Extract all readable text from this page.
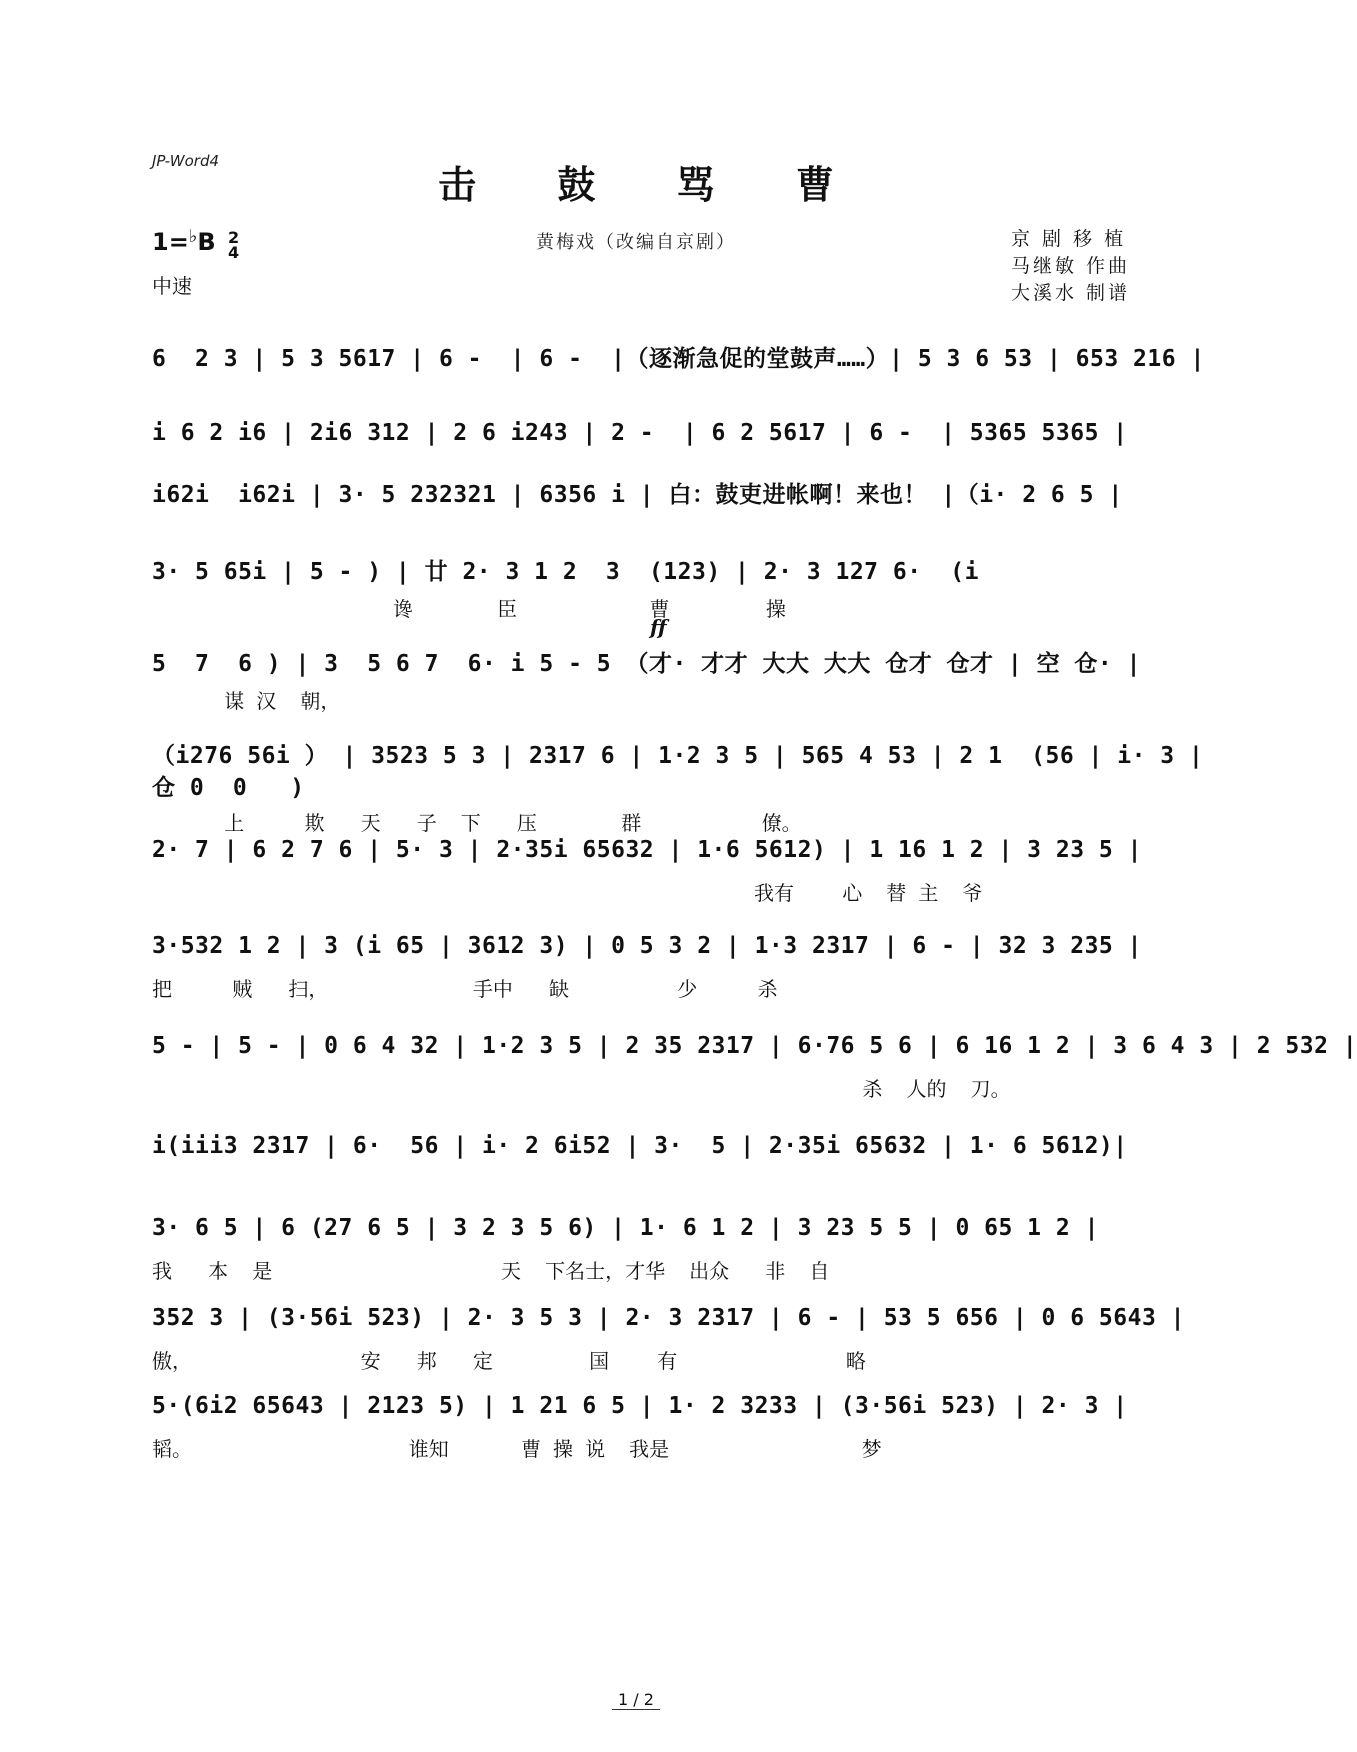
JP-Word4
击 鼓 骂 曹
1=♭B 2
4
中速
黄梅戏（改编自京剧）	京 剧 移 植
马继敏 作曲
大溪水 制谱
6  2 3 | 5 3 5617 | 6 -  | 6 -  |（逐渐急促的堂鼓声……）| 5 3 6 53 | 653 216 |
i 6 2 i6 | 2i6 312 | 2 6 i243 | 2 -  | 6 2 5617 | 6 -  | 5365 5365 |
i62i  i62i | 3· 5 232321 | 6356 i | 白：鼓吏进帐啊！来也！ |（i· 2 6 5 |
3· 5 65i | 5 - ) | 廿 2· 3 1 2  3  (123) | 2· 3 127 6·  (i
谗       臣           曹        操
5  7  6 ) | 3  5 6 7  6· i 5 - 5 （才· 才才 大大 大大 仓才 仓才 | 空 仓· |
ff
谋 汉  朝，
（i276 56i ） | 3523 5 3 | 2317 6 | 1·2 3 5 | 565 4 53 | 2 1  (56 | i· 3 |
仓 0  0   )
上     欺   天   子  下   压       群          僚。
2· 7 | 6 2 7 6 | 5· 3 | 2·35i 65632 | 1·6 5612) | 1 16 1 2 | 3 23 5 |
我有    心  替 主  爷
3·532 1 2 | 3 (i 65 | 3612 3) | 0 5 3 2 | 1·3 2317 | 6 - | 32 3 235 |
把     贼   扫，            手中   缺         少     杀
5 - | 5 - | 0 6 4 32 | 1·2 3 5 | 2 35 2317 | 6·76 5 6 | 6 16 1 2 | 3 6 4 3 | 2 532 |
杀  人的  刀。
i(iii3 2317 | 6·  56 | i· 2 6i52 | 3·  5 | 2·35i 65632 | 1· 6 5612)|
3· 6 5 | 6 (27 6 5 | 3 2 3 5 6) | 1· 6 1 2 | 3 23 5 5 | 0 65 1 2 |
我   本  是                   天  下名士，才华  出众   非  自
352 3 | (3·56i 523) | 2· 3 5 3 | 2· 3 2317 | 6 - | 53 5 656 | 0 6 5643 |
傲，              安   邦   定        国    有              略
5·(6i2 65643 | 2123 5) | 1 21 6 5 | 1· 2 3233 | (3·56i 523) | 2· 3 |
韬。                  谁知      曹 操 说  我是                梦
1 / 2
